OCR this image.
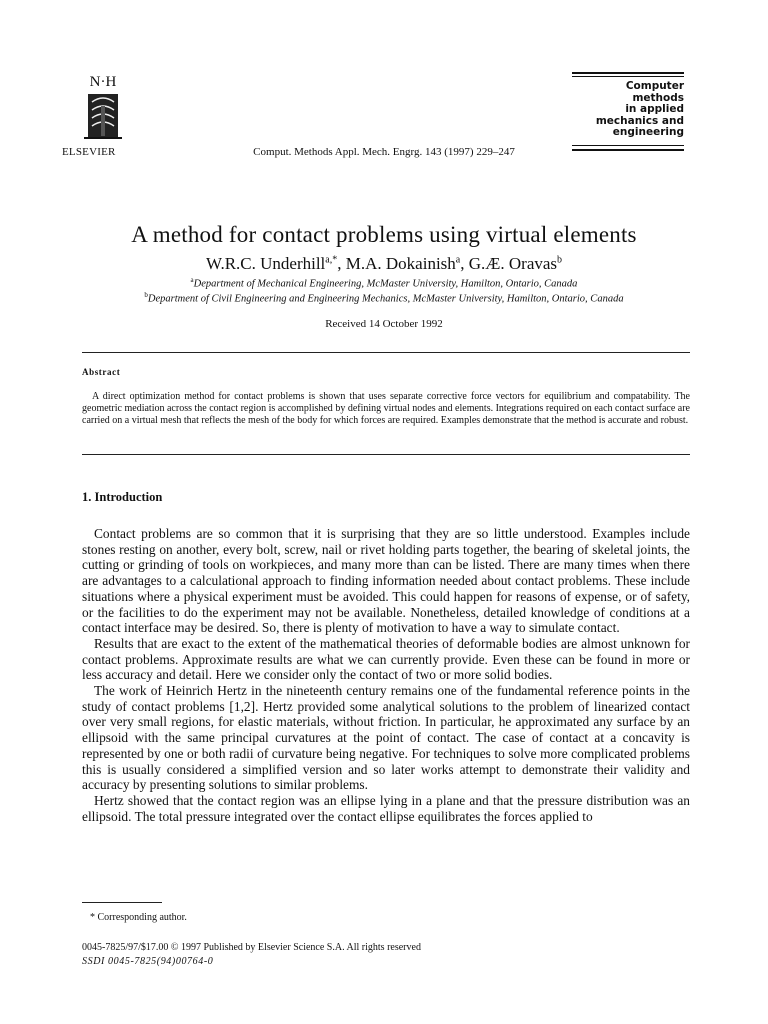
N·H
ELSEVIER	Comput. Methods Appl. Mech. Engrg. 143 (1997) 229–247
Computer methods
in applied
mechanics and
engineering
A method for contact problems using virtual elements
W.R.C. Underhill$^{a,*}$, M.A. Dokainish$^a$, G.Æ. Oravas$^b$
$^a$Department of Mechanical Engineering, McMaster University, Hamilton, Ontario, Canada
$^b$Department of Civil Engineering and Engineering Mechanics, McMaster University, Hamilton, Ontario, Canada
Received 14 October 1992
Abstract
A direct optimization method for contact problems is shown that uses separate corrective force vectors for equilibrium and compatability. The geometric mediation across the contact region is accomplished by defining virtual nodes and elements. Integrations required on each contact surface are carried on a virtual mesh that reflects the mesh of the body for which forces are required. Examples demonstrate that the method is accurate and robust.
1. Introduction

Contact problems are so common that it is surprising that they are so little understood. Examples include stones resting on another, every bolt, screw, nail or rivet holding parts together, the bearing of skeletal joints, the cutting or grinding of tools on workpieces, and many more than can be listed. There are many times when there are advantages to a calculational approach to finding information needed about contact problems. These include situations where a physical experiment must be avoided. This could happen for reasons of expense, or of safety, or the facilities to do the experiment may not be available. Nonetheless, detailed knowledge of conditions at a contact interface may be desired. So, there is plenty of motivation to have a way to simulate contact.

Results that are exact to the extent of the mathematical theories of deformable bodies are almost unknown for contact problems. Approximate results are what we can currently provide. Even these can be found in more or less accuracy and detail. Here we consider only the contact of two or more solid bodies.

The work of Heinrich Hertz in the nineteenth century remains one of the fundamental reference points in the study of contact problems [1,2]. Hertz provided some analytical solutions to the problem of linearized contact over very small regions, for elastic materials, without friction. In particular, he approximated any surface by an ellipsoid with the same principal curvatures at the point of contact. The case of contact at a concavity is represented by one or both radii of curvature being negative. For techniques to solve more complicated problems this is usually considered a simplified version and so later works attempt to demonstrate their validity and accuracy by presenting solutions to similar problems.

Hertz showed that the contact region was an ellipse lying in a plane and that the pressure distribution was an ellipsoid. The total pressure integrated over the contact ellipse equilibrates the forces applied to

* Corresponding author.
0045-7825/97/$17.00 © 1997 Published by Elsevier Science S.A. All rights reserved
SSDI 0045-7825(94)00764-0
